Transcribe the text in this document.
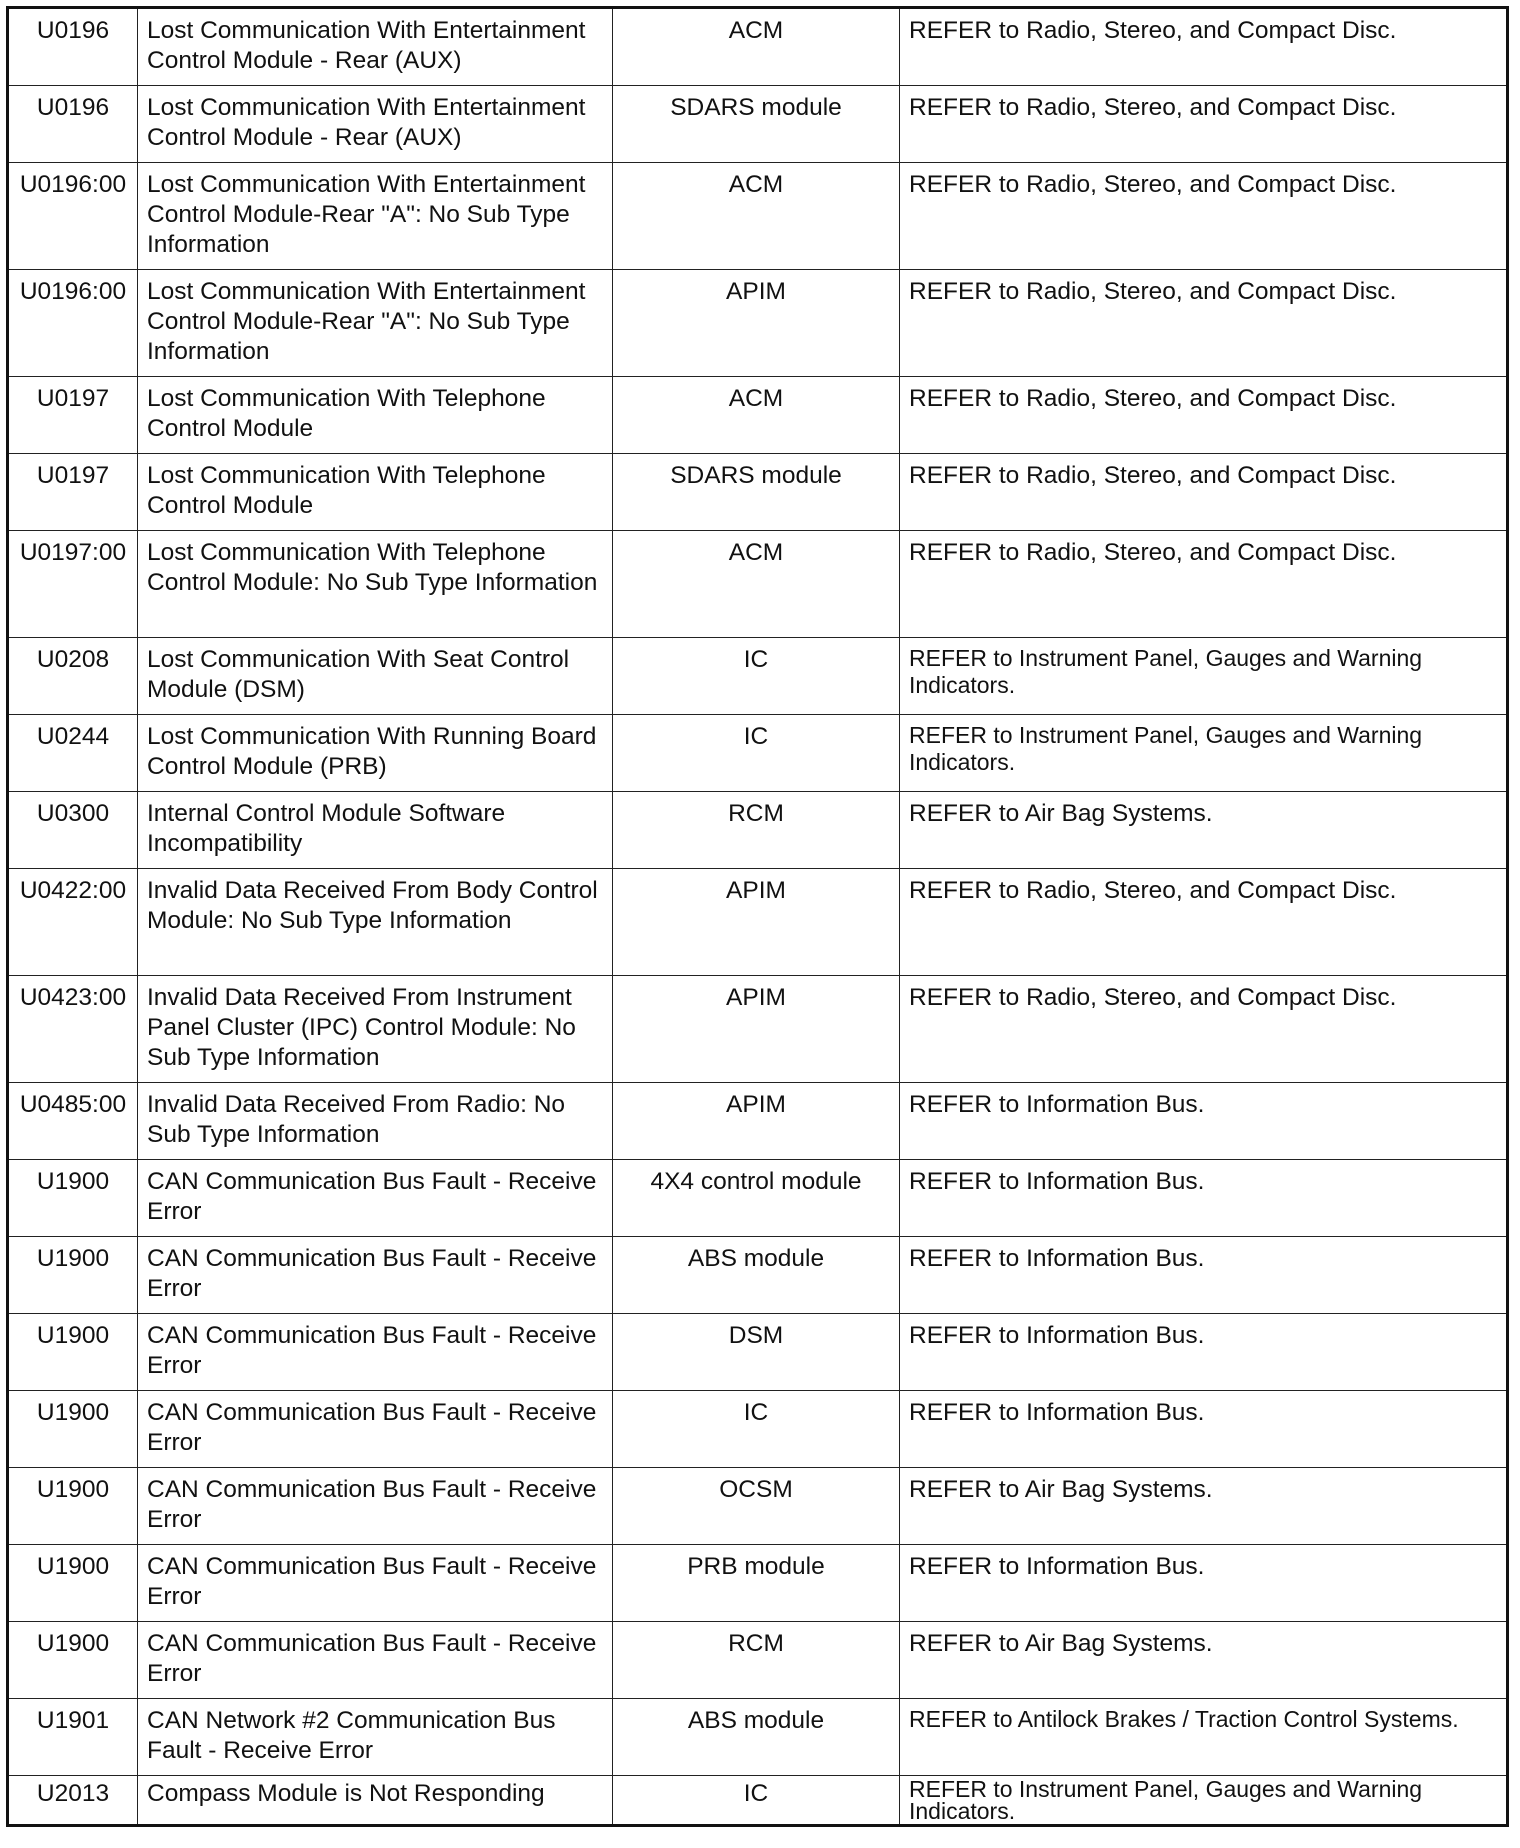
U0196	Lost Communication With Entertainment Control Module - Rear (AUX)	ACM	REFER to Radio, Stereo, and Compact Disc.
U0196	Lost Communication With Entertainment Control Module - Rear (AUX)	SDARS module	REFER to Radio, Stereo, and Compact Disc.
U0196:00	Lost Communication With Entertainment Control Module-Rear "A": No Sub Type Information	ACM	REFER to Radio, Stereo, and Compact Disc.
U0196:00	Lost Communication With Entertainment Control Module-Rear "A": No Sub Type Information	APIM	REFER to Radio, Stereo, and Compact Disc.
U0197	Lost Communication With Telephone Control Module	ACM	REFER to Radio, Stereo, and Compact Disc.
U0197	Lost Communication With Telephone Control Module	SDARS module	REFER to Radio, Stereo, and Compact Disc.
U0197:00	Lost Communication With Telephone Control Module: No Sub Type Information	ACM	REFER to Radio, Stereo, and Compact Disc.
U0208	Lost Communication With Seat Control Module (DSM)	IC	REFER to Instrument Panel, Gauges and Warning Indicators.
U0244	Lost Communication With Running Board Control Module (PRB)	IC	REFER to Instrument Panel, Gauges and Warning Indicators.
U0300	Internal Control Module Software Incompatibility	RCM	REFER to Air Bag Systems.
U0422:00	Invalid Data Received From Body Control Module: No Sub Type Information	APIM	REFER to Radio, Stereo, and Compact Disc.
U0423:00	Invalid Data Received From Instrument Panel Cluster (IPC) Control Module: No Sub Type Information	APIM	REFER to Radio, Stereo, and Compact Disc.
U0485:00	Invalid Data Received From Radio: No Sub Type Information	APIM	REFER to Information Bus.
U1900	CAN Communication Bus Fault - Receive Error	4X4 control module	REFER to Information Bus.
U1900	CAN Communication Bus Fault - Receive Error	ABS module	REFER to Information Bus.
U1900	CAN Communication Bus Fault - Receive Error	DSM	REFER to Information Bus.
U1900	CAN Communication Bus Fault - Receive Error	IC	REFER to Information Bus.
U1900	CAN Communication Bus Fault - Receive Error	OCSM	REFER to Air Bag Systems.
U1900	CAN Communication Bus Fault - Receive Error	PRB module	REFER to Information Bus.
U1900	CAN Communication Bus Fault - Receive Error	RCM	REFER to Air Bag Systems.
U1901	CAN Network #2 Communication Bus Fault - Receive Error	ABS module	REFER to Antilock Brakes / Traction Control Systems.
U2013	Compass Module is Not Responding	IC	REFER to Instrument Panel, Gauges and Warning Indicators.
